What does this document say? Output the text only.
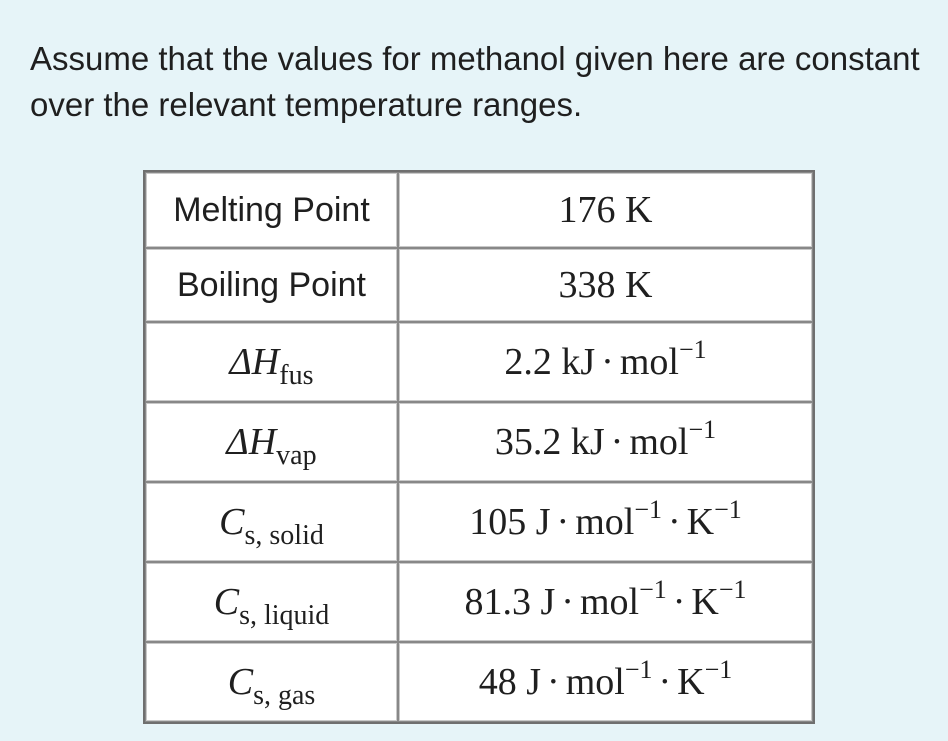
Assume that the values for methanol given here are constant over the relevant temperature ranges.

Melting Point	176 K
Boiling Point	338 K
$\Delta H_{fus}$	2.2 kJ · mol$^{-1}$
$\Delta H_{vap}$	35.2 kJ · mol$^{-1}$
$C_{s, solid}$	105 $J \cdot mol^{-1} \cdot K^{-1}$
$C_{s, liquid}$	81.3 $J \cdot mol^{-1} \cdot K^{-1}$
$C_{s, gas}$	48 $J \cdot mol^{-1} \cdot K^{-1}$
